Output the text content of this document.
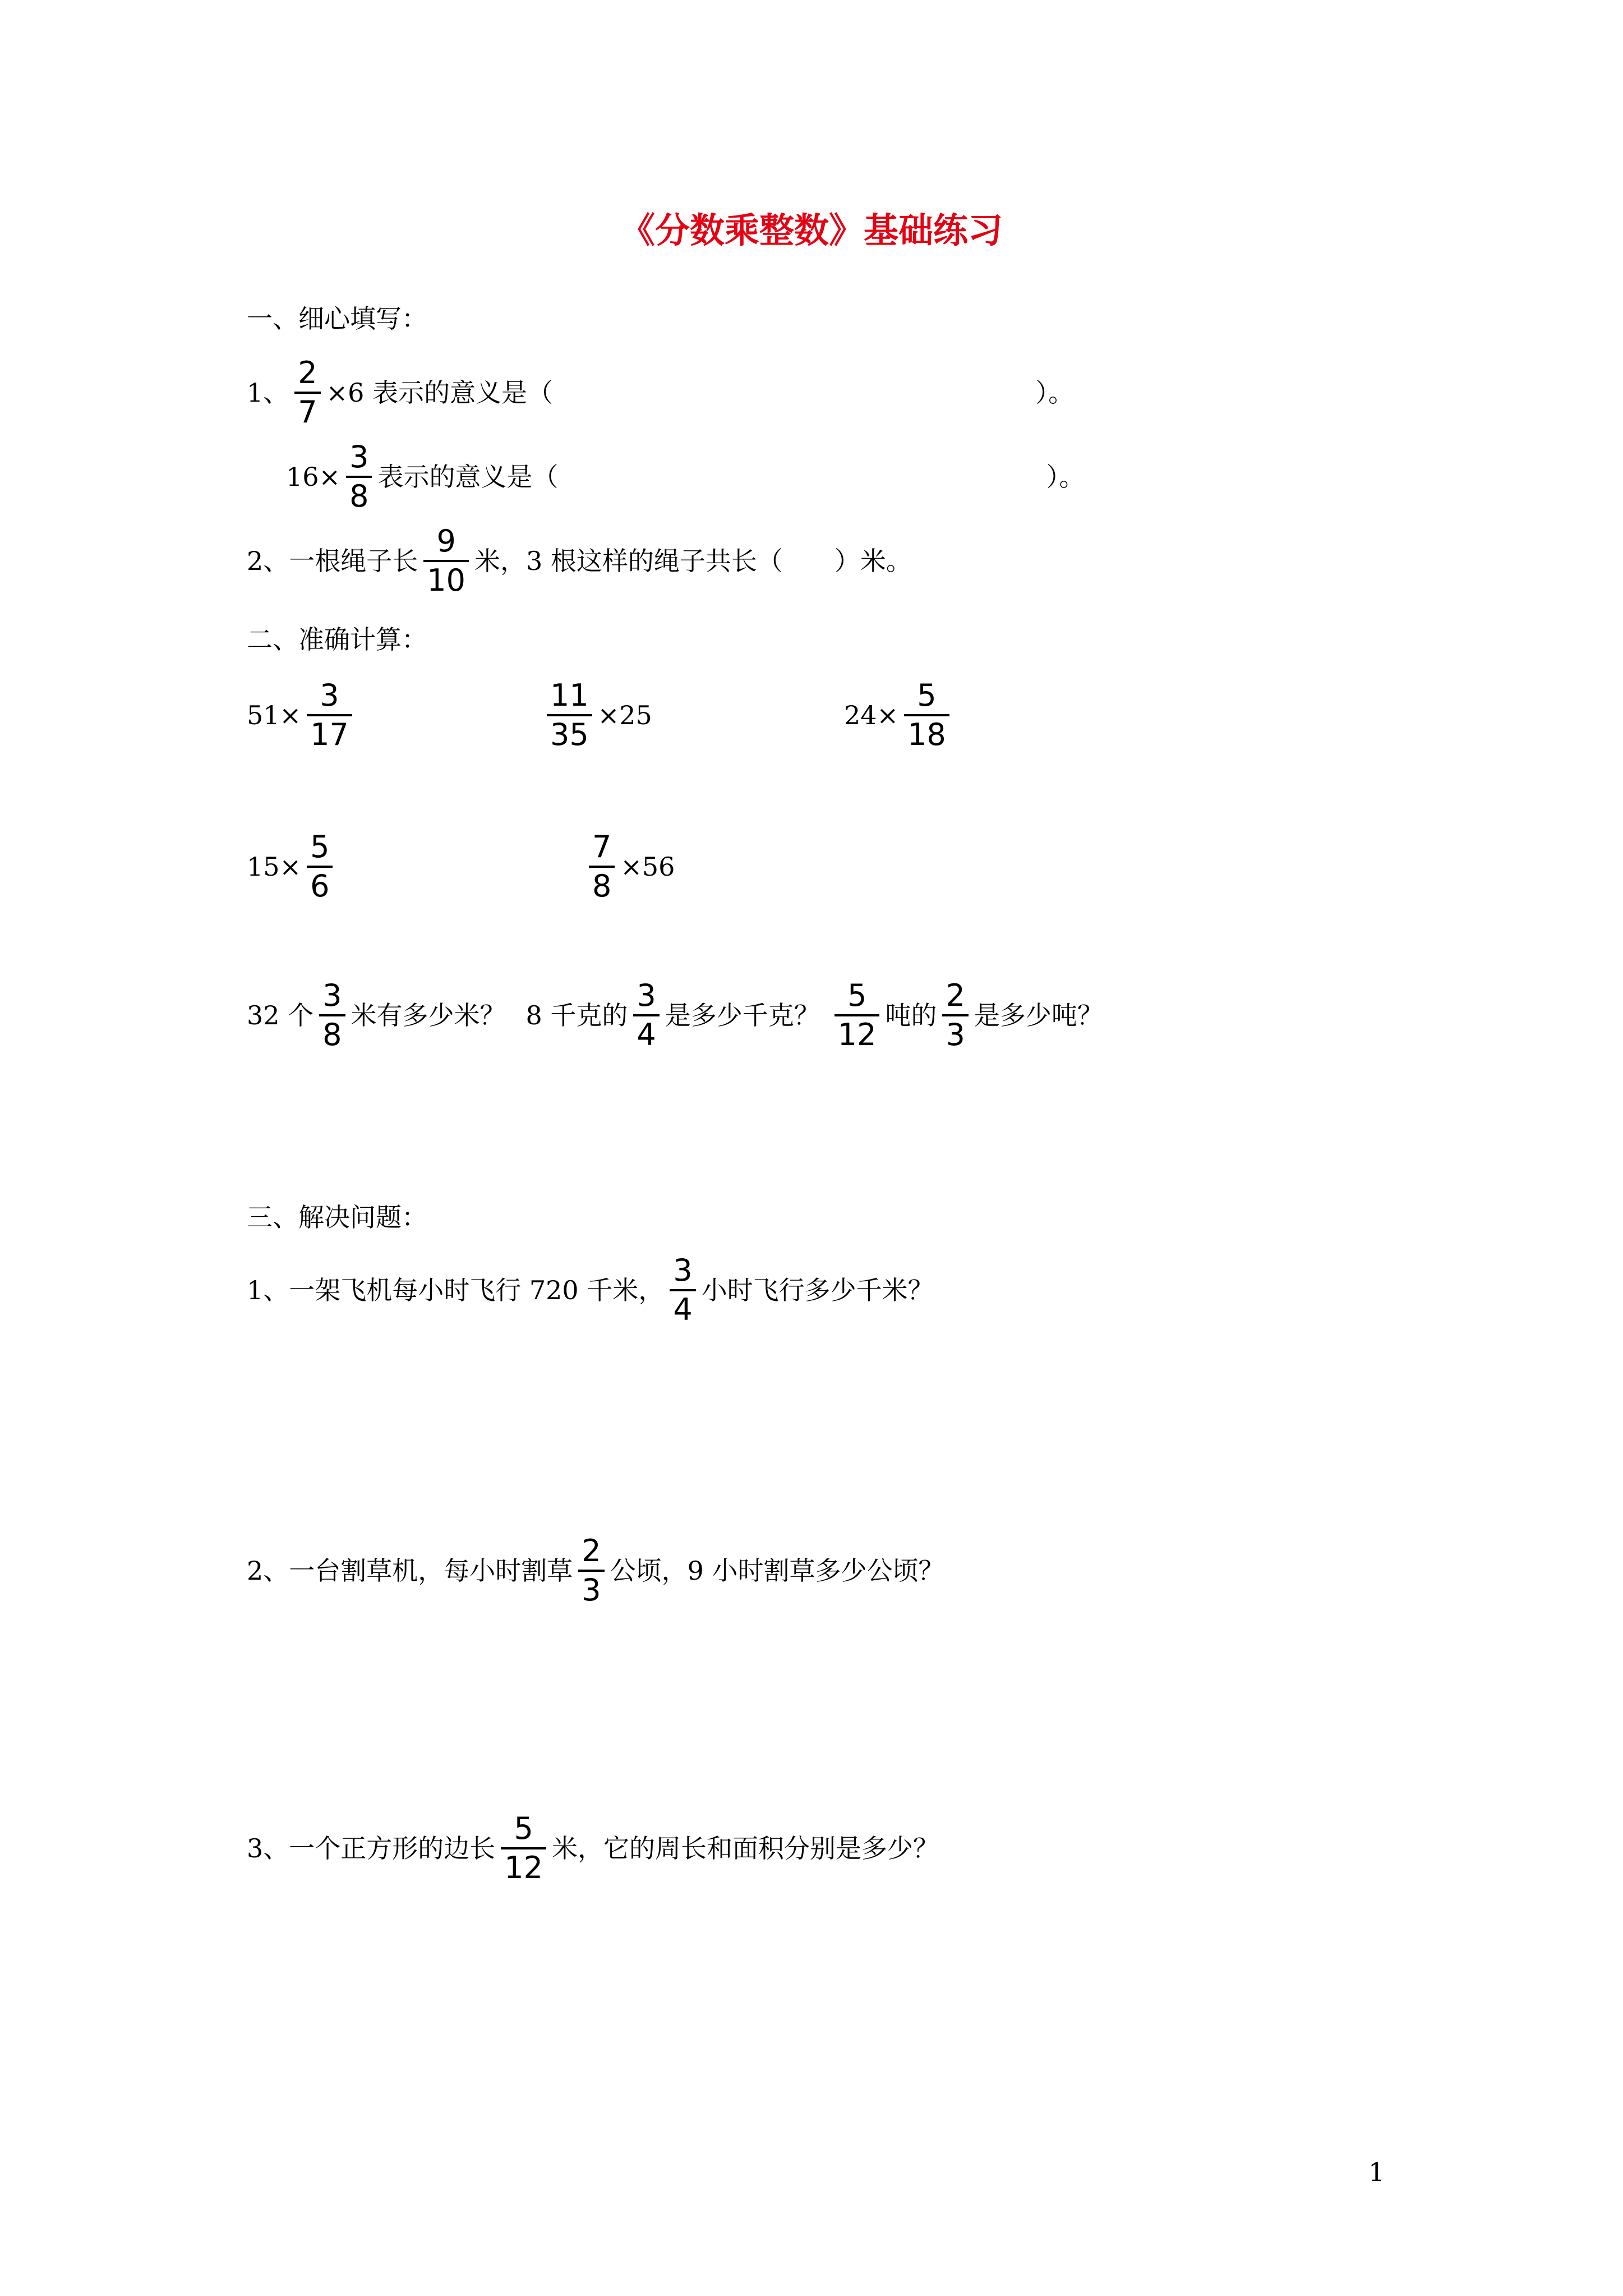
《分数乘整数》基础练习
一、细心填写：
1、 $\frac{2}{7} \times 6$ 表示的意义是（	）。
$16\times \frac{3}{8}$ 表示的意义是（	）。
2、一根绳子长 $\frac{9}{10}$ 米，3 根这样的绳子共长（　　）米。
二、准确计算：
$51\times \frac{3}{17}$	$\frac{11}{35} \times 25$	$24\times \frac{5}{18}$
$15\times \frac{5}{6}$	$\frac{7}{8} \times 56$
32 个 $\frac{3}{8}$ 米有多少米？ 8 千克的 $\frac{3}{4}$ 是多少千克？ $\frac{5}{12}$ 吨的 $\frac{2}{3}$ 是多少吨？
三、解决问题：
1、一架飞机每小时飞行 720 千米， $\frac{3}{4}$ 小时飞行多少千米？
2、一台割草机，每小时割草 $\frac{2}{3}$ 公顷，9 小时割草多少公顷？
3、一个正方形的边长 $\frac{5}{12}$ 米，它的周长和面积分别是多少？
1
